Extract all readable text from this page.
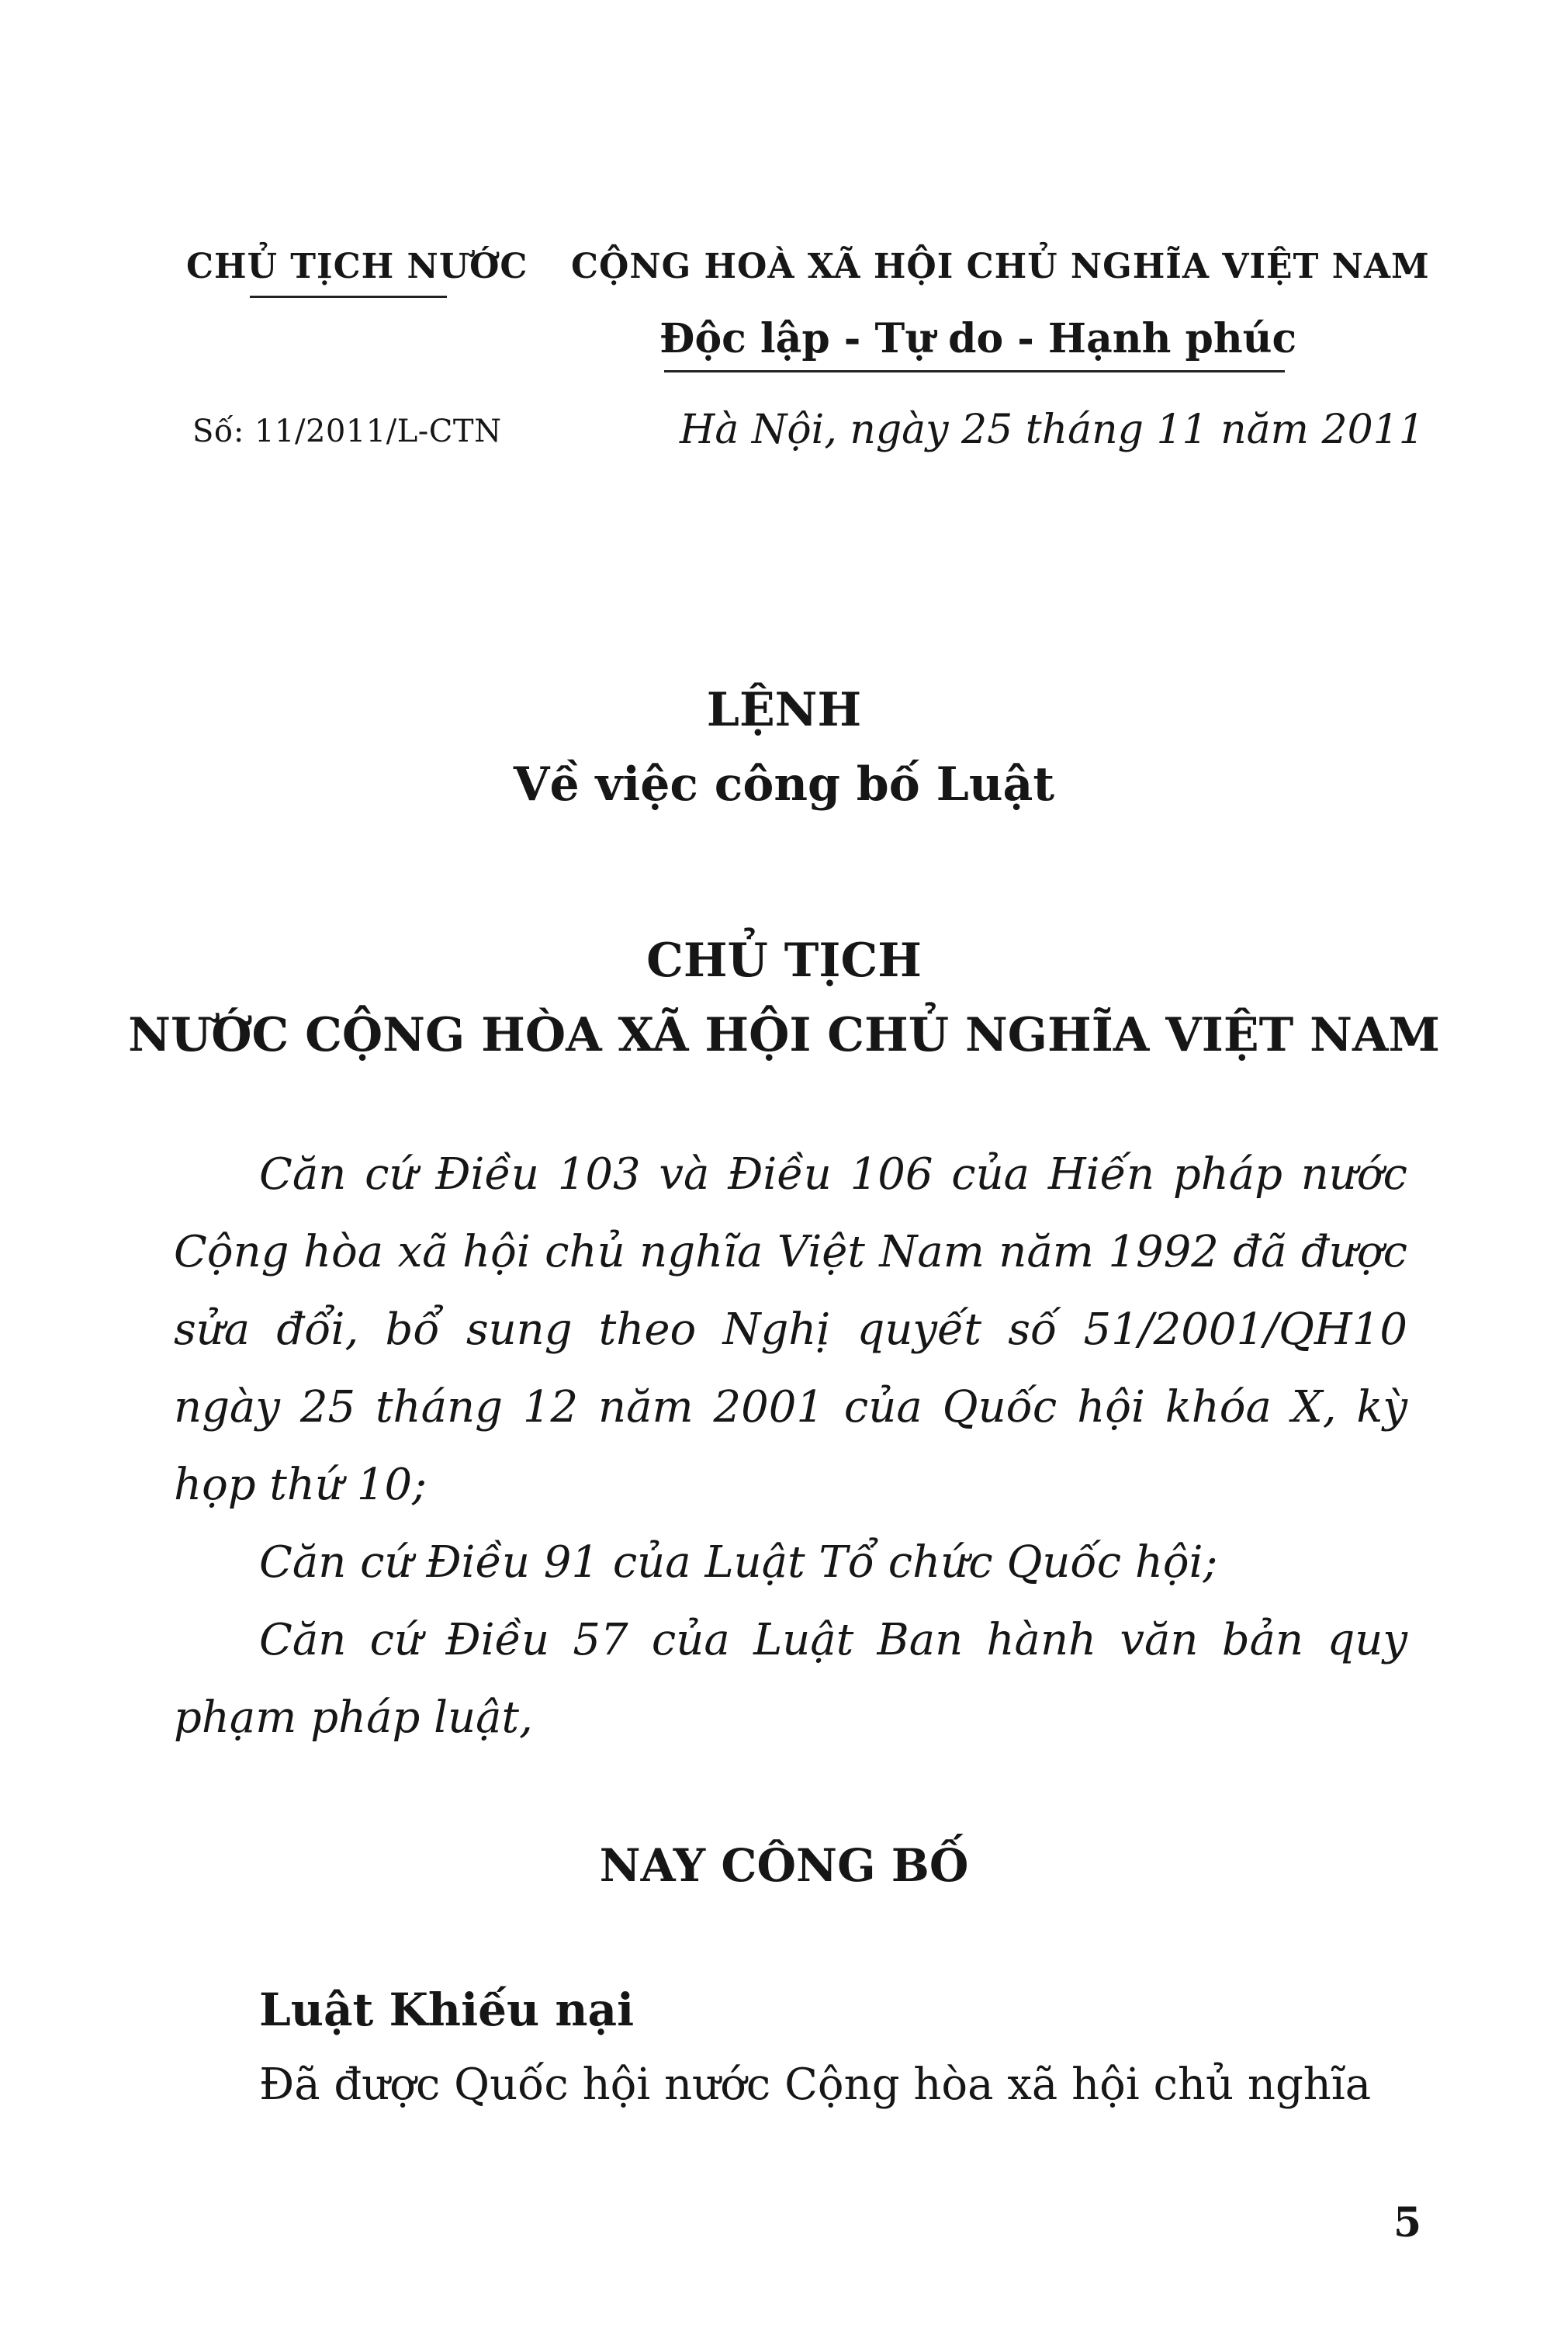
CHỦ TỊCH NƯỚC CỘNG HOÀ XÃ HỘI CHỦ NGHĨA VIỆT NAM
Độc lập - Tự do - Hạnh phúc
Số: 11/2011/L-CTN	Hà Nội, ngày 25 tháng 11 năm 2011
LỆNH
Về việc công bố Luật
CHỦ TỊCH
NƯỚC CỘNG HÒA XÃ HỘI CHỦ NGHĨA VIỆT NAM

Căn cứ Điều 103 và Điều 106 của Hiến pháp nước Cộng hòa xã hội chủ nghĩa Việt Nam năm 1992 đã được sửa đổi, bổ sung theo Nghị quyết số 51/2001/QH10 ngày 25 tháng 12 năm 2001 của Quốc hội khóa X, kỳ họp thứ 10;

Căn cứ Điều 91 của Luật Tổ chức Quốc hội;

Căn cứ Điều 57 của Luật Ban hành văn bản quy phạm pháp luật,

NAY CÔNG BỐ
Luật Khiếu nại
Đã được Quốc hội nước Cộng hòa xã hội chủ nghĩa
5
